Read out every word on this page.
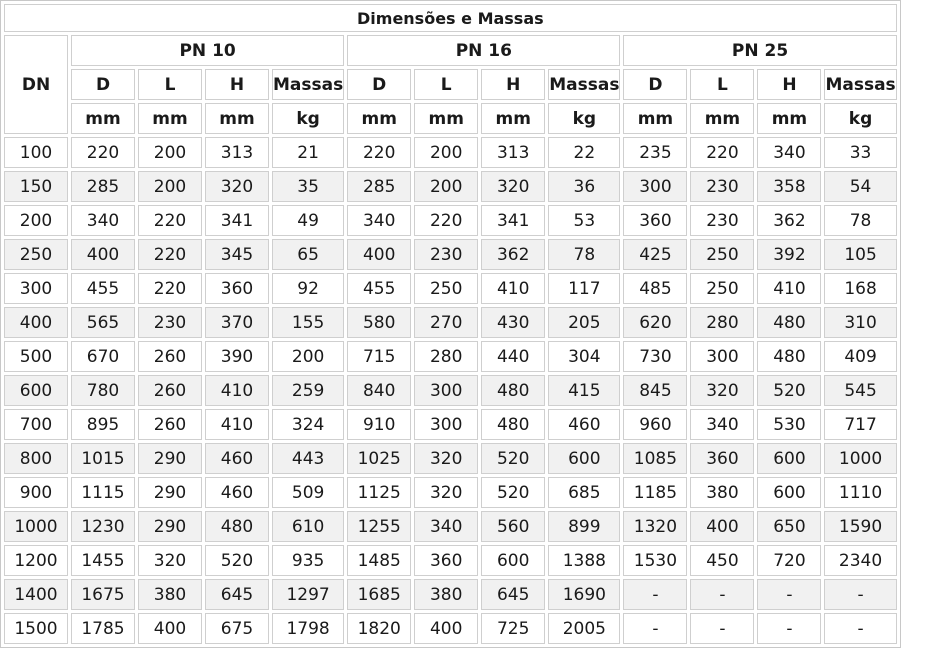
Dimensões e Massas												
DN	PN 10				PN 16				PN 25			
	D	L	H	Massas	D	L	H	Massas	D	L	H	Massas
	mm	mm	mm	kg	mm	mm	mm	kg	mm	mm	mm	kg
100	220	200	313	21	220	200	313	22	235	220	340	33
150	285	200	320	35	285	200	320	36	300	230	358	54
200	340	220	341	49	340	220	341	53	360	230	362	78
250	400	220	345	65	400	230	362	78	425	250	392	105
300	455	220	360	92	455	250	410	117	485	250	410	168
400	565	230	370	155	580	270	430	205	620	280	480	310
500	670	260	390	200	715	280	440	304	730	300	480	409
600	780	260	410	259	840	300	480	415	845	320	520	545
700	895	260	410	324	910	300	480	460	960	340	530	717
800	1015	290	460	443	1025	320	520	600	1085	360	600	1000
900	1115	290	460	509	1125	320	520	685	1185	380	600	1110
1000	1230	290	480	610	1255	340	560	899	1320	400	650	1590
1200	1455	320	520	935	1485	360	600	1388	1530	450	720	2340
1400	1675	380	645	1297	1685	380	645	1690	-	-	-	-
1500	1785	400	675	1798	1820	400	725	2005	-	-	-	-
